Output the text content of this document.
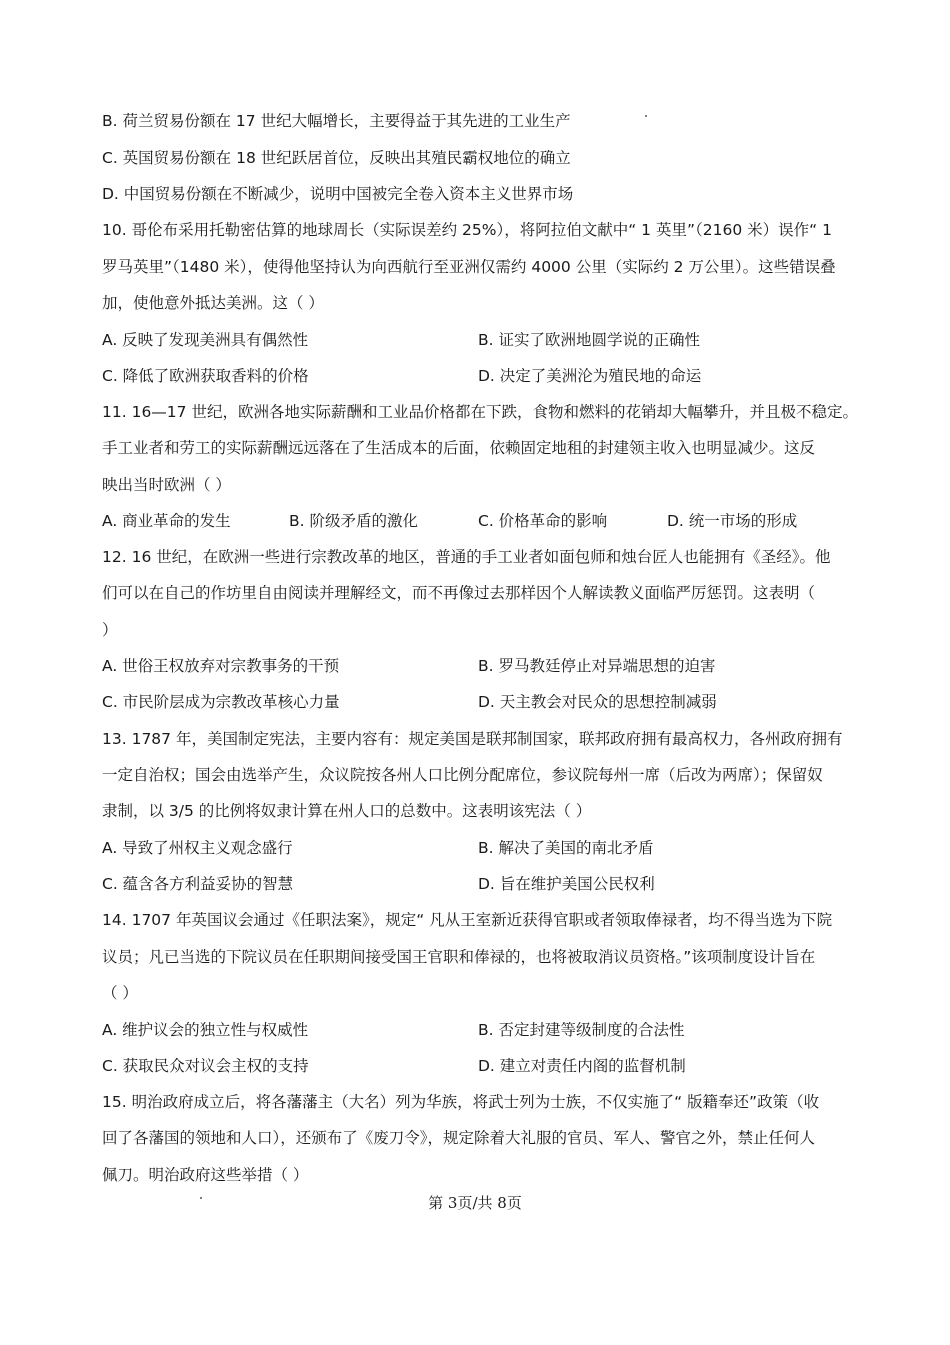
B. 荷兰贸易份额在 17 世纪大幅增长，主要得益于其先进的工业生产
C. 英国贸易份额在 18 世纪跃居首位，反映出其殖民霸权地位的确立
D. 中国贸易份额在不断减少，说明中国被完全卷入资本主义世界市场
10. 哥伦布采用托勒密估算的地球周长（实际误差约 25%），将阿拉伯文献中“ 1 英里”（2160 米）误作“ 1
罗马英里”（1480 米），使得他坚持认为向西航行至亚洲仅需约 4000 公里（实际约 2 万公里）。这些错误叠
加，使他意外抵达美洲。这（ ）
A. 反映了发现美洲具有偶然性	B. 证实了欧洲地圆学说的正确性
C. 降低了欧洲获取香料的价格	D. 决定了美洲沦为殖民地的命运
11. 16—17 世纪，欧洲各地实际薪酬和工业品价格都在下跌，食物和燃料的花销却大幅攀升，并且极不稳定。
手工业者和劳工的实际薪酬远远落在了生活成本的后面，依赖固定地租的封建领主收入也明显减少。这反
映出当时欧洲（ ）
A. 商业革命的发生	B. 阶级矛盾的激化	C. 价格革命的影响	D. 统一市场的形成
12. 16 世纪，在欧洲一些进行宗教改革的地区，普通的手工业者如面包师和烛台匠人也能拥有《圣经》。他
们可以在自己的作坊里自由阅读并理解经文，而不再像过去那样因个人解读教义面临严厉惩罚。这表明（
）
A. 世俗王权放弃对宗教事务的干预	B. 罗马教廷停止对异端思想的迫害
C. 市民阶层成为宗教改革核心力量	D. 天主教会对民众的思想控制减弱
13. 1787 年，美国制定宪法，主要内容有：规定美国是联邦制国家，联邦政府拥有最高权力，各州政府拥有
一定自治权；国会由选举产生，众议院按各州人口比例分配席位，参议院每州一席（后改为两席）；保留奴
隶制，以 3/5 的比例将奴隶计算在州人口的总数中。这表明该宪法（ ）
A. 导致了州权主义观念盛行	B. 解决了美国的南北矛盾
C. 蕴含各方利益妥协的智慧	D. 旨在维护美国公民权利
14. 1707 年英国议会通过《任职法案》，规定“ 凡从王室新近获得官职或者领取俸禄者，均不得当选为下院
议员；凡已当选的下院议员在任职期间接受国王官职和俸禄的，也将被取消议员资格。”该项制度设计旨在
（ ）
A. 维护议会的独立性与权威性	B. 否定封建等级制度的合法性
C. 获取民众对议会主权的支持	D. 建立对责任内阁的监督机制
15. 明治政府成立后，将各藩藩主（大名）列为华族，将武士列为士族，不仅实施了“ 版籍奉还”政策（收
回了各藩国的领地和人口），还颁布了《废刀令》，规定除着大礼服的官员、军人、警官之外，禁止任何人
佩刀。明治政府这些举措（ ）
第 3页/共 8页
